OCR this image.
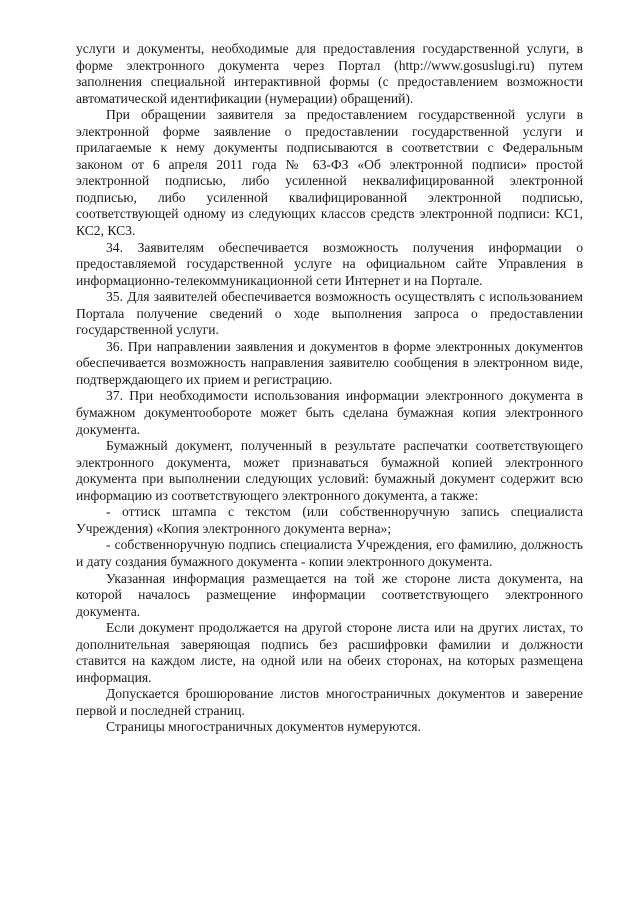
услуги и документы, необходимые для предоставления государственной услуги, в форме электронного документа через Портал (http://www.gosuslugi.ru) путем заполнения специальной интерактивной формы (с предоставлением возможности автоматической идентификации (нумерации) обращений).

При обращении заявителя за предоставлением государственной услуги в электронной форме заявление о предоставлении государственной услуги и прилагаемые к нему документы подписываются в соответствии с Федеральным законом от 6 апреля 2011 года № 63-ФЗ «Об электронной подписи» простой электронной подписью, либо усиленной неквалифицированной электронной подписью, либо усиленной квалифицированной электронной подписью, соответствующей одному из следующих классов средств электронной подписи: КС1, КС2, КС3.

34. Заявителям обеспечивается возможность получения информации о предоставляемой государственной услуге на официальном сайте Управления в информационно-телекоммуникационной сети Интернет и на Портале.

35. Для заявителей обеспечивается возможность осуществлять с использованием Портала получение сведений о ходе выполнения запроса о предоставлении государственной услуги.

36. При направлении заявления и документов в форме электронных документов обеспечивается возможность направления заявителю сообщения в электронном виде, подтверждающего их прием и регистрацию.

37. При необходимости использования информации электронного документа в бумажном документообороте может быть сделана бумажная копия электронного документа.

Бумажный документ, полученный в результате распечатки соответствующего электронного документа, может признаваться бумажной копией электронного документа при выполнении следующих условий: бумажный документ содержит всю информацию из соответствующего электронного документа, а также:

- оттиск штампа с текстом (или собственноручную запись специалиста Учреждения) «Копия электронного документа верна»;

- собственноручную подпись специалиста Учреждения, его фамилию, должность и дату создания бумажного документа - копии электронного документа.

Указанная информация размещается на той же стороне листа документа, на которой началось размещение информации соответствующего электронного документа.

Если документ продолжается на другой стороне листа или на других листах, то дополнительная заверяющая подпись без расшифровки фамилии и должности ставится на каждом листе, на одной или на обеих сторонах, на которых размещена информация.

Допускается брошюрование листов многостраничных документов и заверение первой и последней страниц.

Страницы многостраничных документов нумеруются.
